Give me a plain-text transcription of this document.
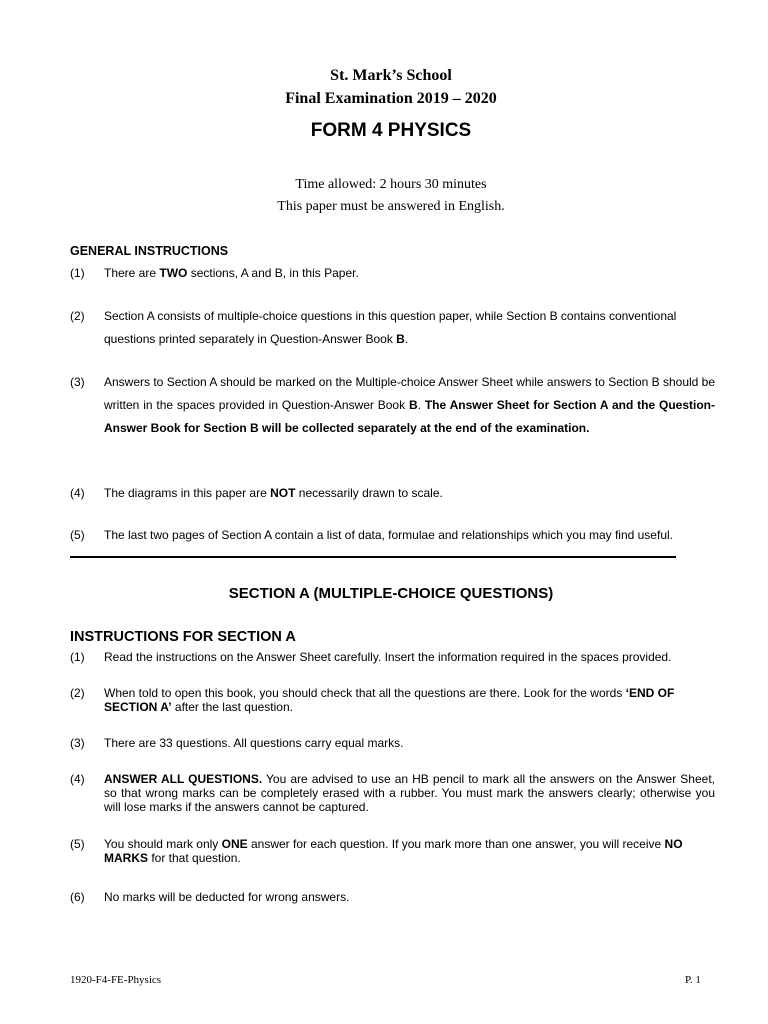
St. Mark’s School
Final Examination 2019 – 2020
FORM 4 PHYSICS
Time allowed: 2 hours 30 minutes
This paper must be answered in English.
GENERAL INSTRUCTIONS
(1)	There are TWO sections, A and B, in this Paper.
(2)	Section A consists of multiple-choice questions in this question paper, while Section B contains conventional questions printed separately in Question-Answer Book B.
(3)	Answers to Section A should be marked on the Multiple-choice Answer Sheet while answers to Section B should be written in the spaces provided in Question-Answer Book B. The Answer Sheet for Section A and the Question-Answer Book for Section B will be collected separately at the end of the examination.
(4)	The diagrams in this paper are NOT necessarily drawn to scale.
(5)	The last two pages of Section A contain a list of data, formulae and relationships which you may find useful.
SECTION A (MULTIPLE-CHOICE QUESTIONS)
INSTRUCTIONS FOR SECTION A
(1)	Read the instructions on the Answer Sheet carefully. Insert the information required in the spaces provided.
(2)	When told to open this book, you should check that all the questions are there. Look for the words ‘END OF SECTION A’ after the last question.
(3)	There are 33 questions. All questions carry equal marks.
(4)	ANSWER ALL QUESTIONS. You are advised to use an HB pencil to mark all the answers on the Answer Sheet, so that wrong marks can be completely erased with a rubber. You must mark the answers clearly; otherwise you will lose marks if the answers cannot be captured.
(5)	You should mark only ONE answer for each question. If you mark more than one answer, you will receive NO MARKS for that question.
(6)	No marks will be deducted for wrong answers.
1920-F4-FE-Physics	P. 1
